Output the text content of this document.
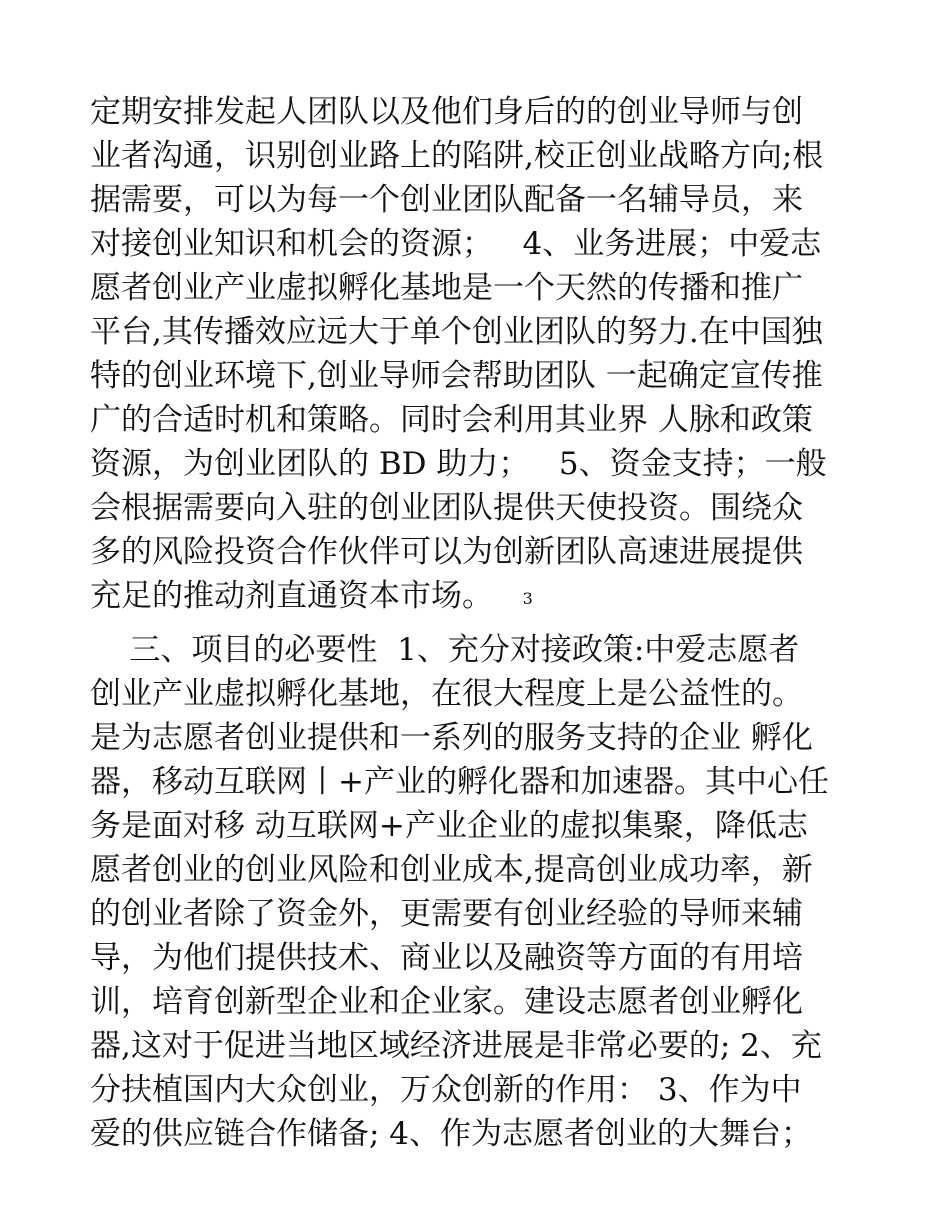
定期安排发起人团队以及他们身后的的创业导师与创

业者沟通，识别创业路上的陷阱,校正创业战略方向;根

据需要，可以为每一个创业团队配备一名辅导员，来

对接创业知识和机会的资源；   4、业务进展；中爱志

愿者创业产业虚拟孵化基地是一个天然的传播和推广

平台,其传播效应远大于单个创业团队的努力.在中国独

特的创业环境下,创业导师会帮助团队 一起确定宣传推

广的合适时机和策略。同时会利用其业界 人脉和政策

资源，为创业团队的 BD 助力；   5、资金支持；一般

会根据需要向入驻的创业团队提供天使投资。围绕众

多的风险投资合作伙伴可以为创新团队高速进展提供

充足的推动剂直通资本市场。   3

三、项目的必要性  1、充分对接政策:中爱志愿者

创业产业虚拟孵化基地，在很大程度上是公益性的。

是为志愿者创业提供和一系列的服务支持的企业 孵化

器，移动互联网丨+产业的孵化器和加速器。其中心任

务是面对移 动互联网+产业企业的虚拟集聚，降低志

愿者创业的创业风险和创业成本,提高创业成功率，新

的创业者除了资金外，更需要有创业经验的导师来辅

导，为他们提供技术、商业以及融资等方面的有用培

训，培育创新型企业和企业家。建设志愿者创业孵化

器,这对于促进当地区域经济进展是非常必要的; 2、充

分扶植国内大众创业，万众创新的作用： 3、作为中

爱的供应链合作储备; 4、作为志愿者创业的大舞台；
